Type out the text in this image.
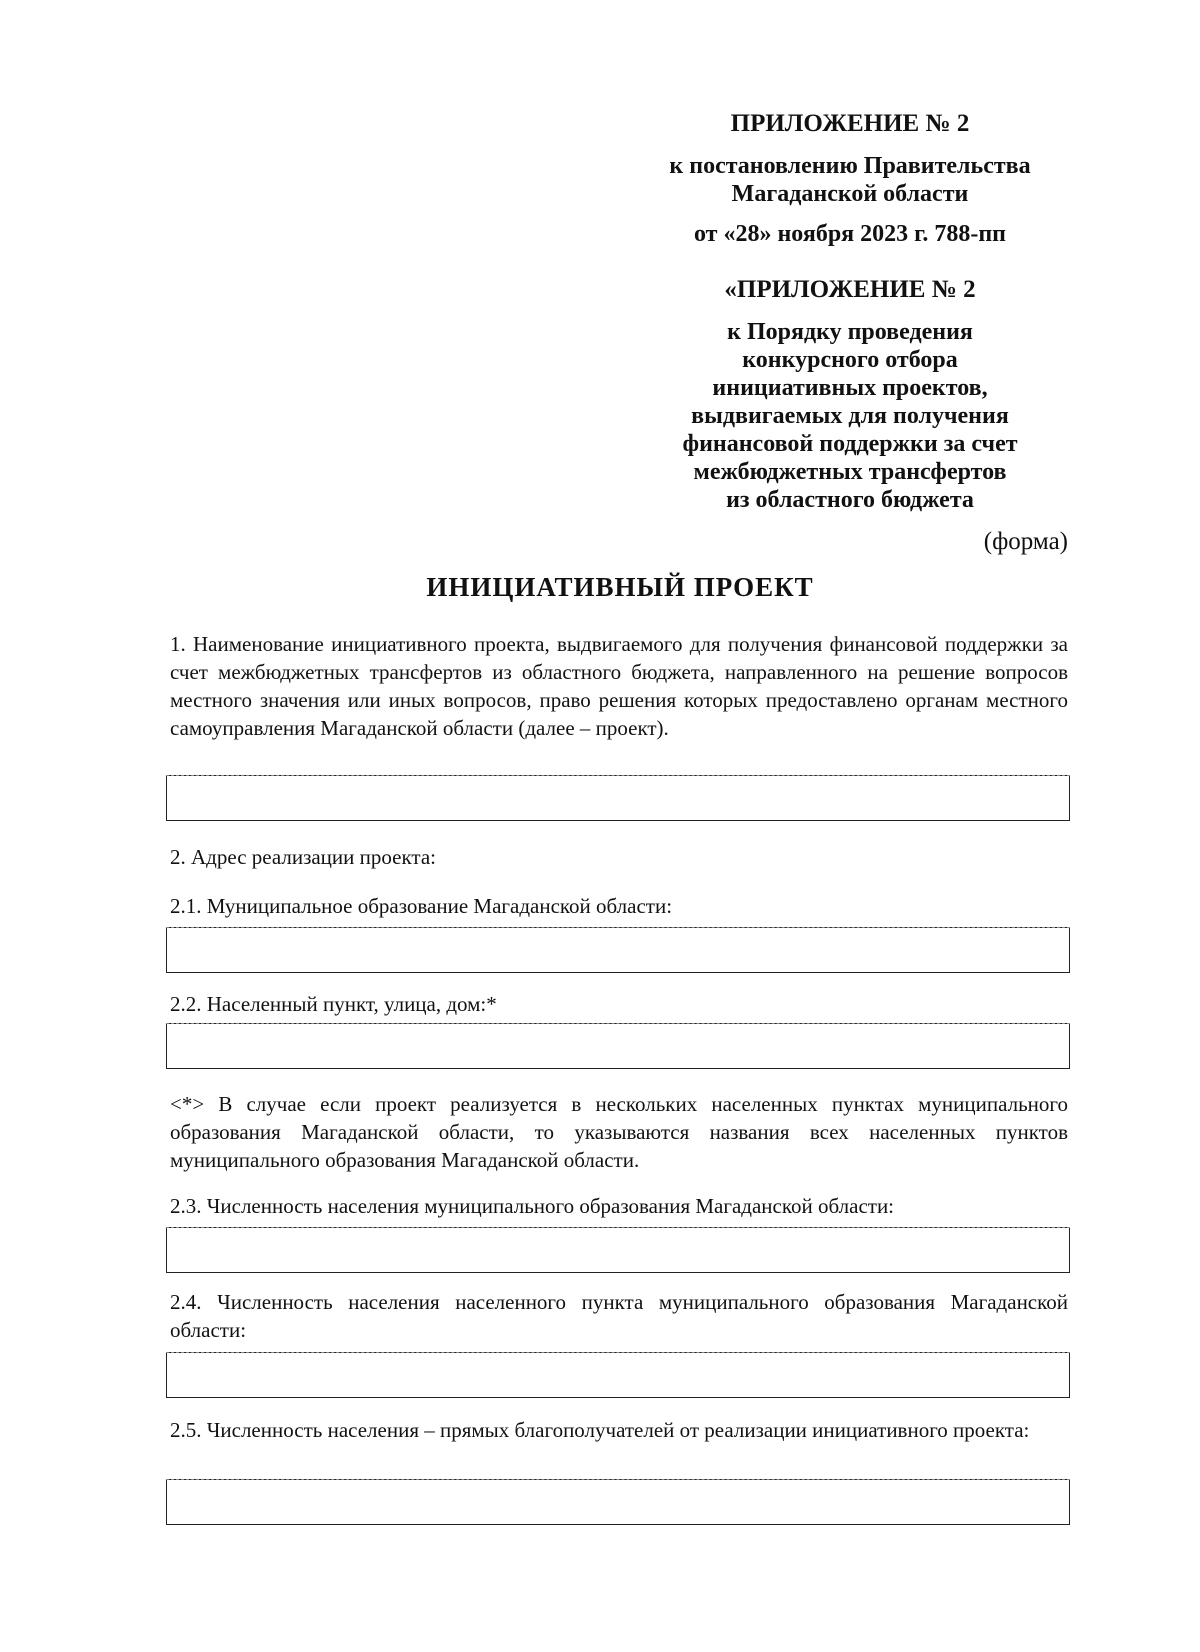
ПРИЛОЖЕНИЕ № 2
к постановлению Правительства
Магаданской области
от «28» ноября 2023 г. 788-пп
«ПРИЛОЖЕНИЕ № 2
к Порядку проведения
конкурсного отбора
инициативных проектов,
выдвигаемых для получения
финансовой поддержки за счет
межбюджетных трансфертов
из областного бюджета
(форма)
ИНИЦИАТИВНЫЙ ПРОЕКТ
1. Наименование инициативного проекта, выдвигаемого для получения финансовой поддержки за счет межбюджетных трансфертов из областного бюджета, направленного на решение вопросов местного значения или иных вопросов, право решения которых предоставлено органам местного самоуправления Магаданской области (далее – проект).
2. Адрес реализации проекта:
2.1. Муниципальное образование Магаданской области:
2.2. Населенный пункт, улица, дом:*
<*> В случае если проект реализуется в нескольких населенных пунктах муниципального образования Магаданской области, то указываются названия всех населенных пунктов муниципального образования Магаданской области.
2.3. Численность населения муниципального образования Магаданской области:
2.4. Численность населения населенного пункта муниципального образования Магаданской области:
2.5. Численность населения – прямых благополучателей от реализации инициативного проекта:
